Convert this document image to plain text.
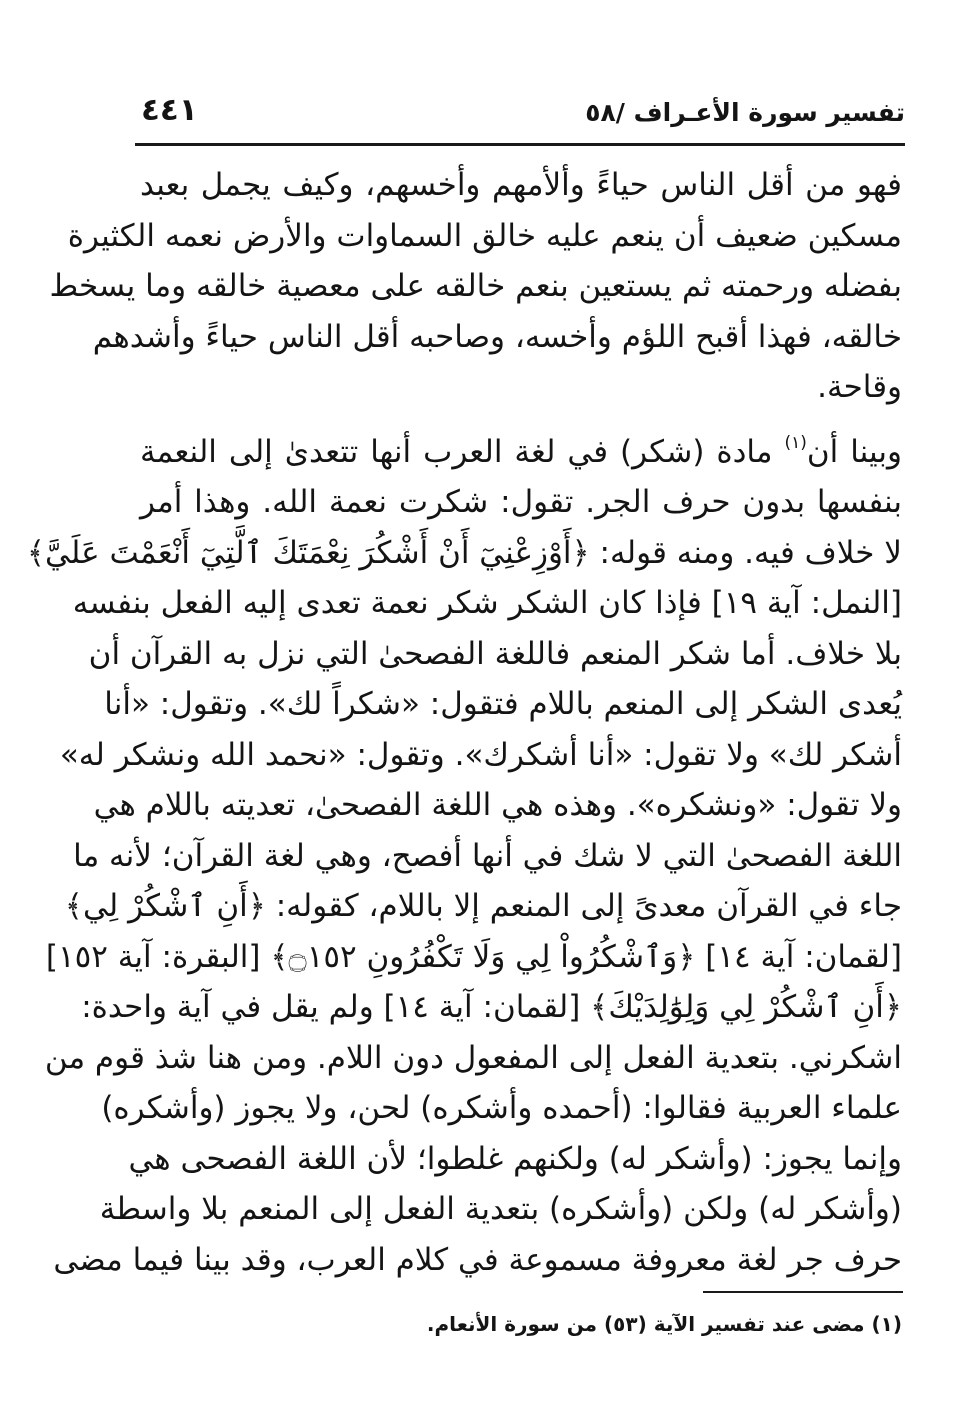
تفسير سورة الأعـراف /٥٨
٤٤١
فهو من أقل الناس حياءً وألأمهم وأخسهم، وكيف يجمل بعبد
مسكين ضعيف أن ينعم عليه خالق السماوات والأرض نعمه الكثيرة
بفضله ورحمته ثم يستعين بنعم خالقه على معصية خالقه وما يسخط
خالقه، فهذا أقبح اللؤم وأخسه، وصاحبه أقل الناس حياءً وأشدهم
وقاحة.
وبينا أن$^{(١)}$ مادة (شكر) في لغة العرب أنها تتعدىٰ إلى النعمة
بنفسها بدون حرف الجر. تقول: شكرت نعمة الله. وهذا أمر
لا خلاف فيه. ومنه قوله: ﴿أَوْزِعْنِيٓ أَنْ أَشْكُرَ نِعْمَتَكَ ٱلَّتِيٓ أَنْعَمْتَ عَلَيَّ﴾
[النمل: آية ١٩] فإذا كان الشكر شكر نعمة تعدى إليه الفعل بنفسه
بلا خلاف. أما شكر المنعم فاللغة الفصحىٰ التي نزل به القرآن أن
يُعدى الشكر إلى المنعم باللام فتقول: «شكراً لك». وتقول: «أنا
أشكر لك» ولا تقول: «أنا أشكرك». وتقول: «نحمد الله ونشكر له»
ولا تقول: «ونشكره». وهذه هي اللغة الفصحىٰ، تعديته باللام هي
اللغة الفصحىٰ التي لا شك في أنها أفصح، وهي لغة القرآن؛ لأنه ما
جاء في القرآن معدىً إلى المنعم إلا باللام، كقوله: ﴿أَنِ ٱشْكُرْ لِي﴾
[لقمان: آية ١٤] ﴿وَٱشْكُرُواْ لِي وَلَا تَكْفُرُونِ ۝١٥٢﴾ [البقرة: آية ١٥٢]
﴿أَنِ ٱشْكُرْ لِي وَلِوَٰلِدَيْكَ﴾ [لقمان: آية ١٤] ولم يقل في آية واحدة:
اشكرني. بتعدية الفعل إلى المفعول دون اللام. ومن هنا شذ قوم من
علماء العربية فقالوا: (أحمده وأشكره) لحن، ولا يجوز (وأشكره)
وإنما يجوز: (وأشكر له) ولكنهم غلطوا؛ لأن اللغة الفصحى هي
(وأشكر له) ولكن (وأشكره) بتعدية الفعل إلى المنعم بلا واسطة
حرف جر لغة معروفة مسموعة في كلام العرب، وقد بينا فيما مضى
(١) مضى عند تفسير الآية (٥٣) من سورة الأنعام.
